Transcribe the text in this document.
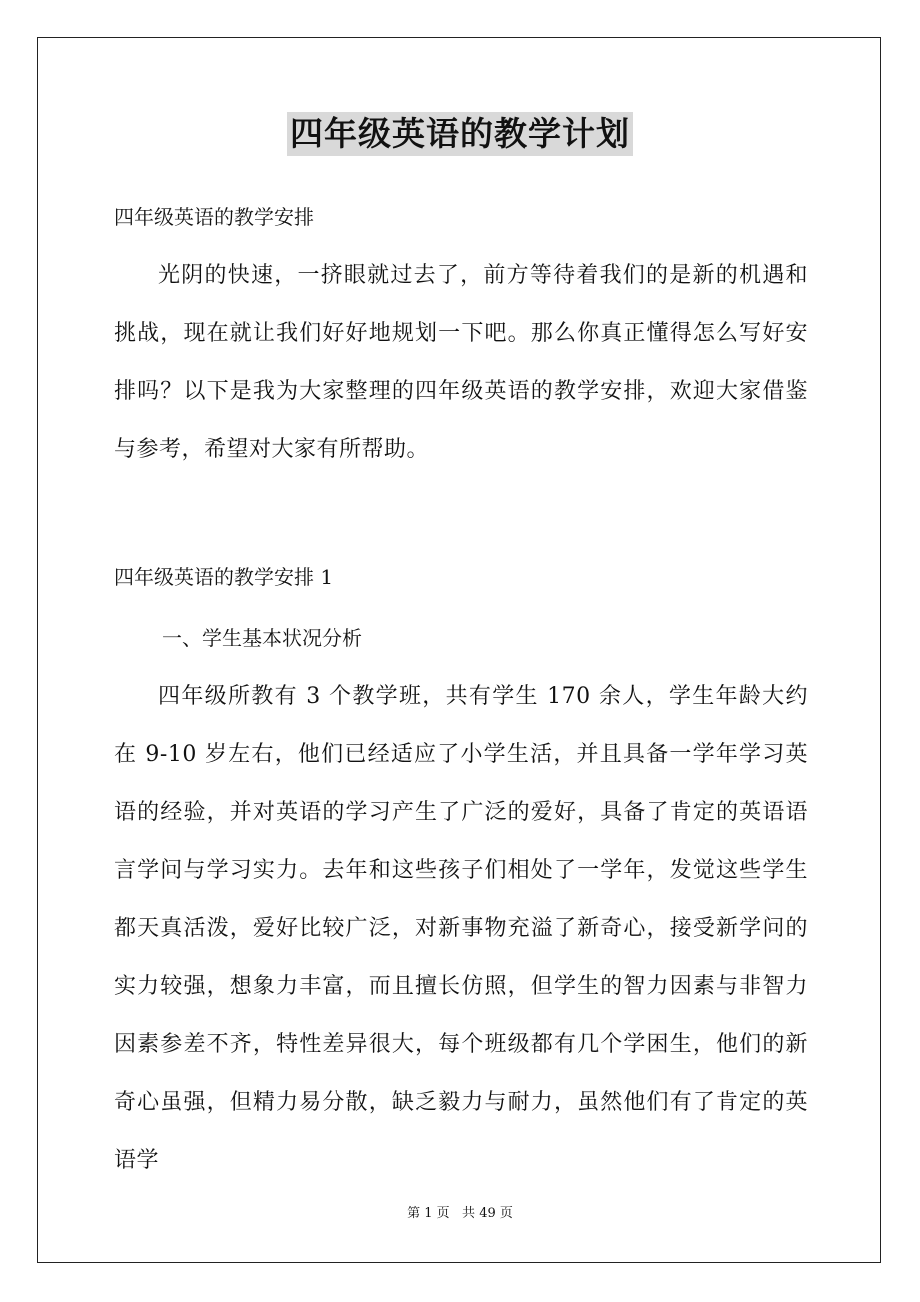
四年级英语的教学计划

四年级英语的教学安排

光阴的快速，一挤眼就过去了，前方等待着我们的是新的机遇和挑战，现在就让我们好好地规划一下吧。那么你真正懂得怎么写好安排吗？以下是我为大家整理的四年级英语的教学安排，欢迎大家借鉴与参考，希望对大家有所帮助。

四年级英语的教学安排 1

一、学生基本状况分析

四年级所教有 3 个教学班，共有学生 170 余人，学生年龄大约在 9-10 岁左右，他们已经适应了小学生活，并且具备一学年学习英语的经验，并对英语的学习产生了广泛的爱好，具备了肯定的英语语言学问与学习实力。去年和这些孩子们相处了一学年，发觉这些学生都天真活泼，爱好比较广泛，对新事物充溢了新奇心，接受新学问的实力较强，想象力丰富，而且擅长仿照，但学生的智力因素与非智力因素参差不齐，特性差异很大，每个班级都有几个学困生，他们的新奇心虽强，但精力易分散，缺乏毅力与耐力，虽然他们有了肯定的英语学

第 1 页   共 49 页
